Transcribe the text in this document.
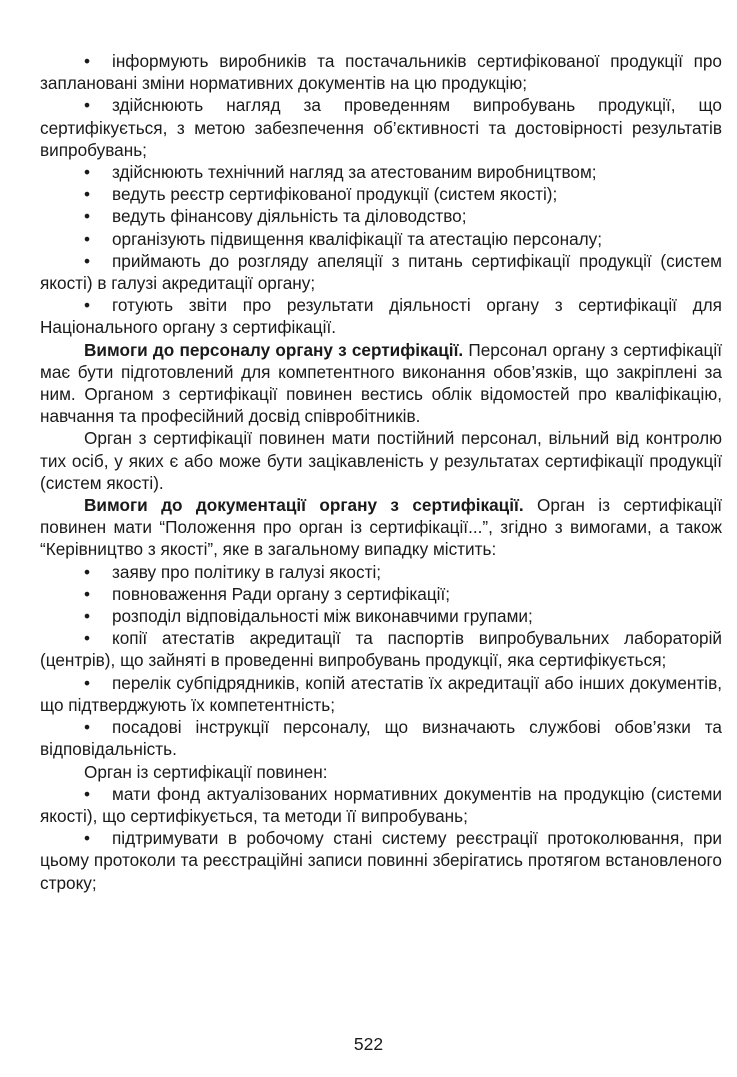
• інформують виробників та постачальників сертифікованої продукції про заплановані зміни нормативних документів на цю продукцію;

• здійснюють нагляд за проведенням випробувань продукції, що сертифікується, з метою забезпечення об’єктивності та достовірності результатів випробувань;

• здійснюють технічний нагляд за атестованим виробництвом;

• ведуть реєстр сертифікованої продукції (систем якості);

• ведуть фінансову діяльність та діловодство;

• організують підвищення кваліфікації та атестацію персоналу;

• приймають до розгляду апеляції з питань сертифікації продукції (систем якості) в галузі акредитації органу;

• готують звіти про результати діяльності органу з сертифікації для Національного органу з сертифікації.

Вимоги до персоналу органу з сертифікації. Персонал органу з сертифікації має бути підготовлений для компетентного виконання обов’язків, що закріплені за ним. Органом з сертифікації повинен вестись облік відомостей про кваліфікацію, навчання та професійний досвід співробітників.

Орган з сертифікації повинен мати постійний персонал, вільний від контролю тих осіб, у яких є або може бути зацікавленість у результатах сертифікації продукції (систем якості).

Вимоги до документації органу з сертифікації. Орган із сертифікації повинен мати “Положення про орган із сертифікації...”, згідно з вимогами, а також “Керівництво з якості”, яке в загальному випадку містить:

• заяву про політику в галузі якості;

• повноваження Ради органу з сертифікації;

• розподіл відповідальності між виконавчими групами;

• копії атестатів акредитації та паспортів випробувальних лабораторій (центрів), що зайняті в проведенні випробувань продукції, яка сертифікується;

• перелік субпідрядників, копій атестатів їх акредитації або інших документів, що підтверджують їх компетентність;

• посадові інструкції персоналу, що визначають службові обов’язки та відповідальність.

Орган із сертифікації повинен:

• мати фонд актуалізованих нормативних документів на продукцію (системи якості), що сертифікується, та методи її випробувань;

• підтримувати в робочому стані систему реєстрації протоколювання, при цьому протоколи та реєстраційні записи повинні зберігатись протягом встановленого строку;

522
